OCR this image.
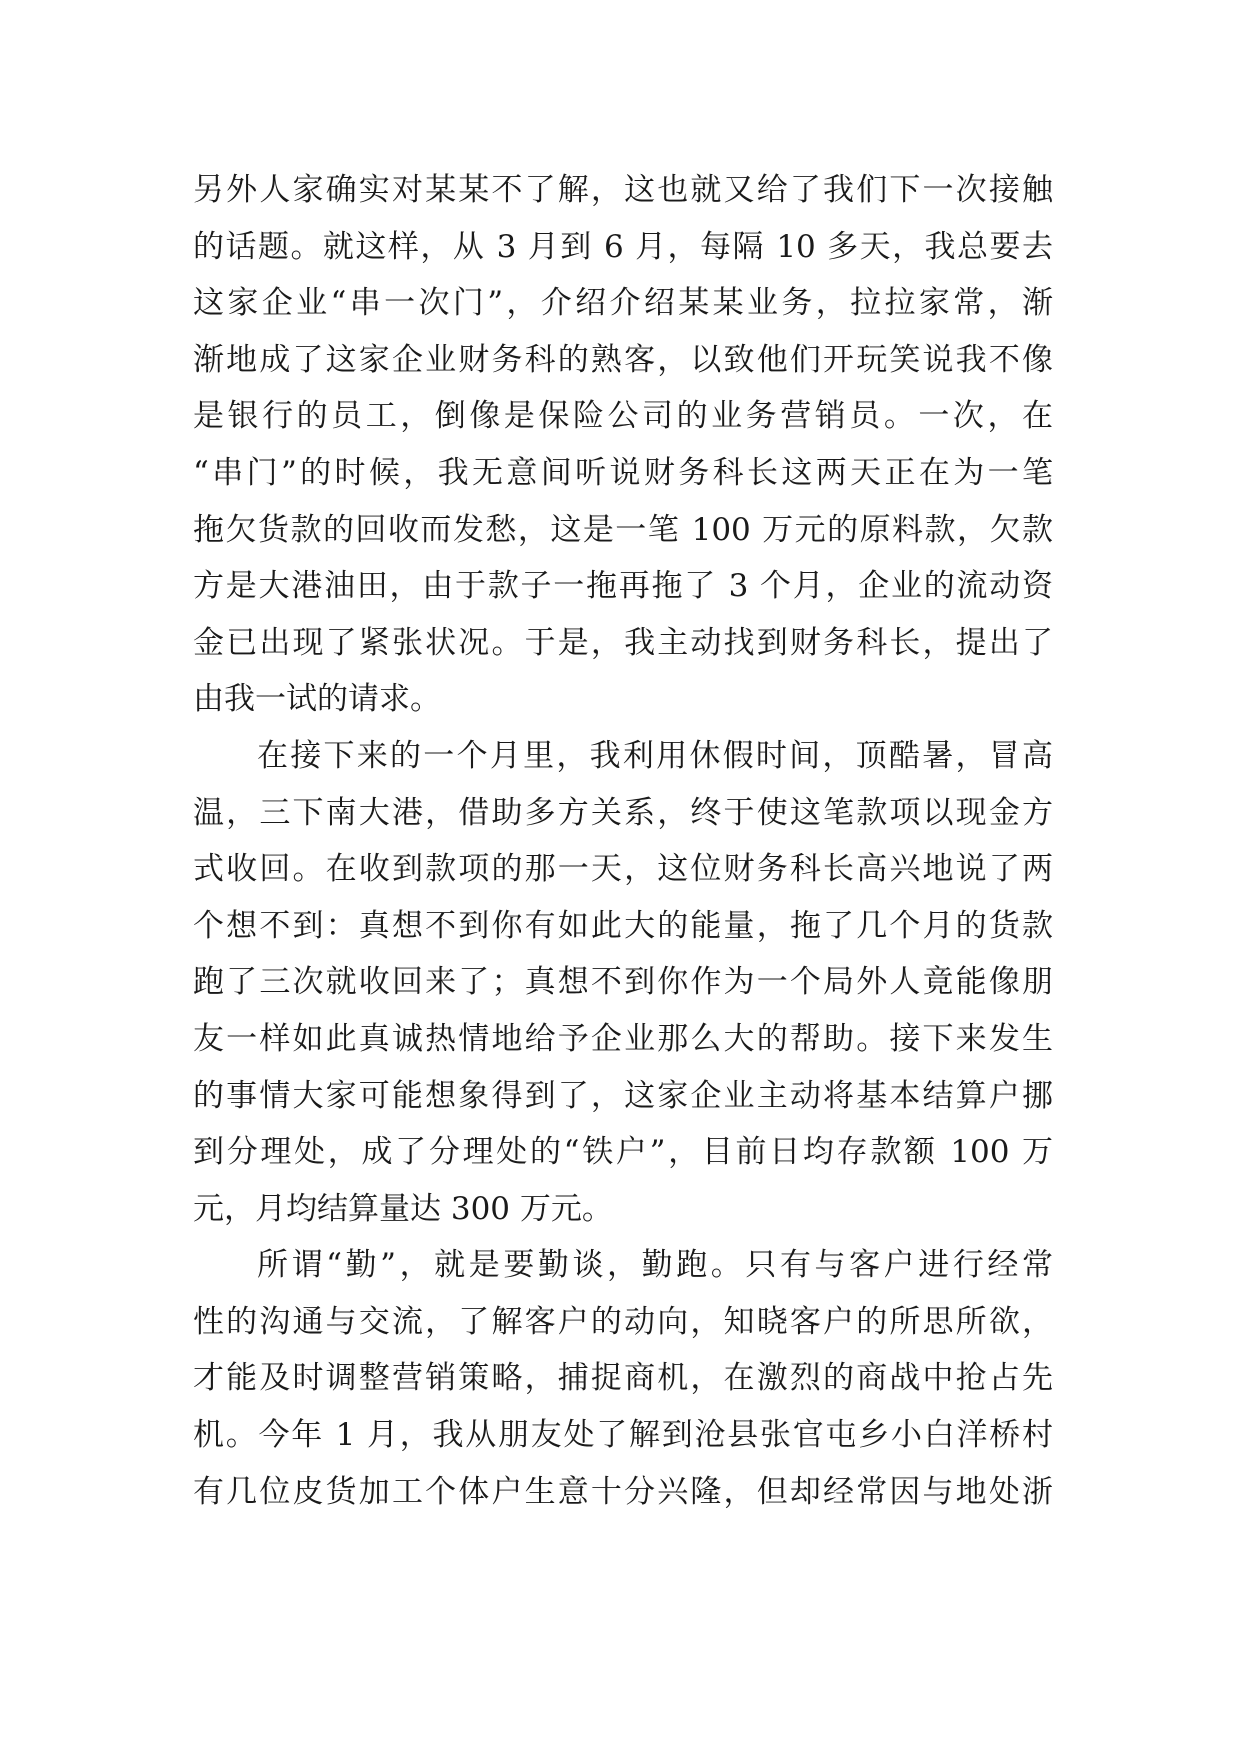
另外人家确实对某某不了解，这也就又给了我们下一次接触
的话题。就这样，从 3 月到 6 月，每隔 10 多天，我总要去
这家企业“串一次门”，介绍介绍某某业务，拉拉家常，渐
渐地成了这家企业财务科的熟客，以致他们开玩笑说我不像
是银行的员工，倒像是保险公司的业务营销员。一次，在
“串门”的时候，我无意间听说财务科长这两天正在为一笔
拖欠货款的回收而发愁，这是一笔 100 万元的原料款，欠款
方是大港油田，由于款子一拖再拖了 3 个月，企业的流动资
金已出现了紧张状况。于是，我主动找到财务科长，提出了
由我一试的请求。
在接下来的一个月里，我利用休假时间，顶酷暑，冒高
温，三下南大港，借助多方关系，终于使这笔款项以现金方
式收回。在收到款项的那一天，这位财务科长高兴地说了两
个想不到：真想不到你有如此大的能量，拖了几个月的货款
跑了三次就收回来了；真想不到你作为一个局外人竟能像朋
友一样如此真诚热情地给予企业那么大的帮助。接下来发生
的事情大家可能想象得到了，这家企业主动将基本结算户挪
到分理处，成了分理处的“铁户”，目前日均存款额 100 万
元，月均结算量达 300 万元。
所谓“勤”，就是要勤谈，勤跑。只有与客户进行经常
性的沟通与交流，了解客户的动向，知晓客户的所思所欲，
才能及时调整营销策略，捕捉商机，在激烈的商战中抢占先
机。今年 1 月，我从朋友处了解到沧县张官屯乡小白洋桥村
有几位皮货加工个体户生意十分兴隆，但却经常因与地处浙
